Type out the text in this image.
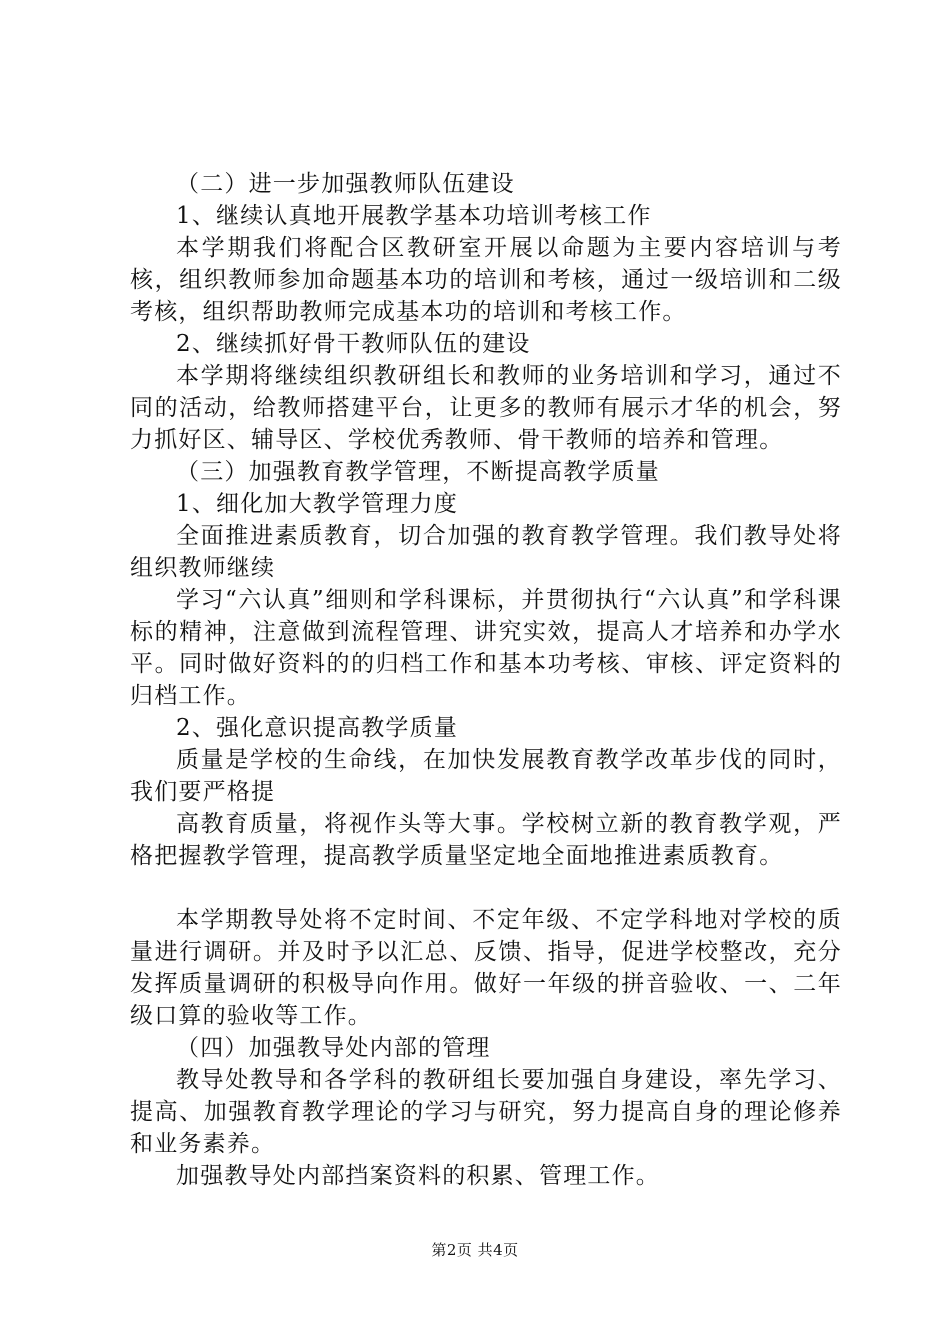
（二）进一步加强教师队伍建设

1、继续认真地开展教学基本功培训考核工作

本学期我们将配合区教研室开展以命题为主要内容培训与考核，组织教师参加命题基本功的培训和考核，通过一级培训和二级考核，组织帮助教师完成基本功的培训和考核工作。

2、继续抓好骨干教师队伍的建设

本学期将继续组织教研组长和教师的业务培训和学习，通过不同的活动，给教师搭建平台，让更多的教师有展示才华的机会，努力抓好区、辅导区、学校优秀教师、骨干教师的培养和管理。

（三）加强教育教学管理，不断提高教学质量

1、细化加大教学管理力度

全面推进素质教育，切合加强的教育教学管理。我们教导处将组织教师继续

学习“六认真”细则和学科课标，并贯彻执行“六认真”和学科课标的精神，注意做到流程管理、讲究实效，提高人才培养和办学水平。同时做好资料的的归档工作和基本功考核、审核、评定资料的归档工作。

2、强化意识提高教学质量

质量是学校的生命线，在加快发展教育教学改革步伐的同时，我们要严格提

高教育质量，将视作头等大事。学校树立新的教育教学观，严格把握教学管理，提高教学质量坚定地全面地推进素质教育。

本学期教导处将不定时间、不定年级、不定学科地对学校的质量进行调研。并及时予以汇总、反馈、指导，促进学校整改，充分发挥质量调研的积极导向作用。做好一年级的拼音验收、一、二年级口算的验收等工作。

（四）加强教导处内部的管理

教导处教导和各学科的教研组长要加强自身建设，率先学习、提高、加强教育教学理论的学习与研究，努力提高自身的理论修养和业务素养。

加强教导处内部挡案资料的积累、管理工作。

第2页 共4页
